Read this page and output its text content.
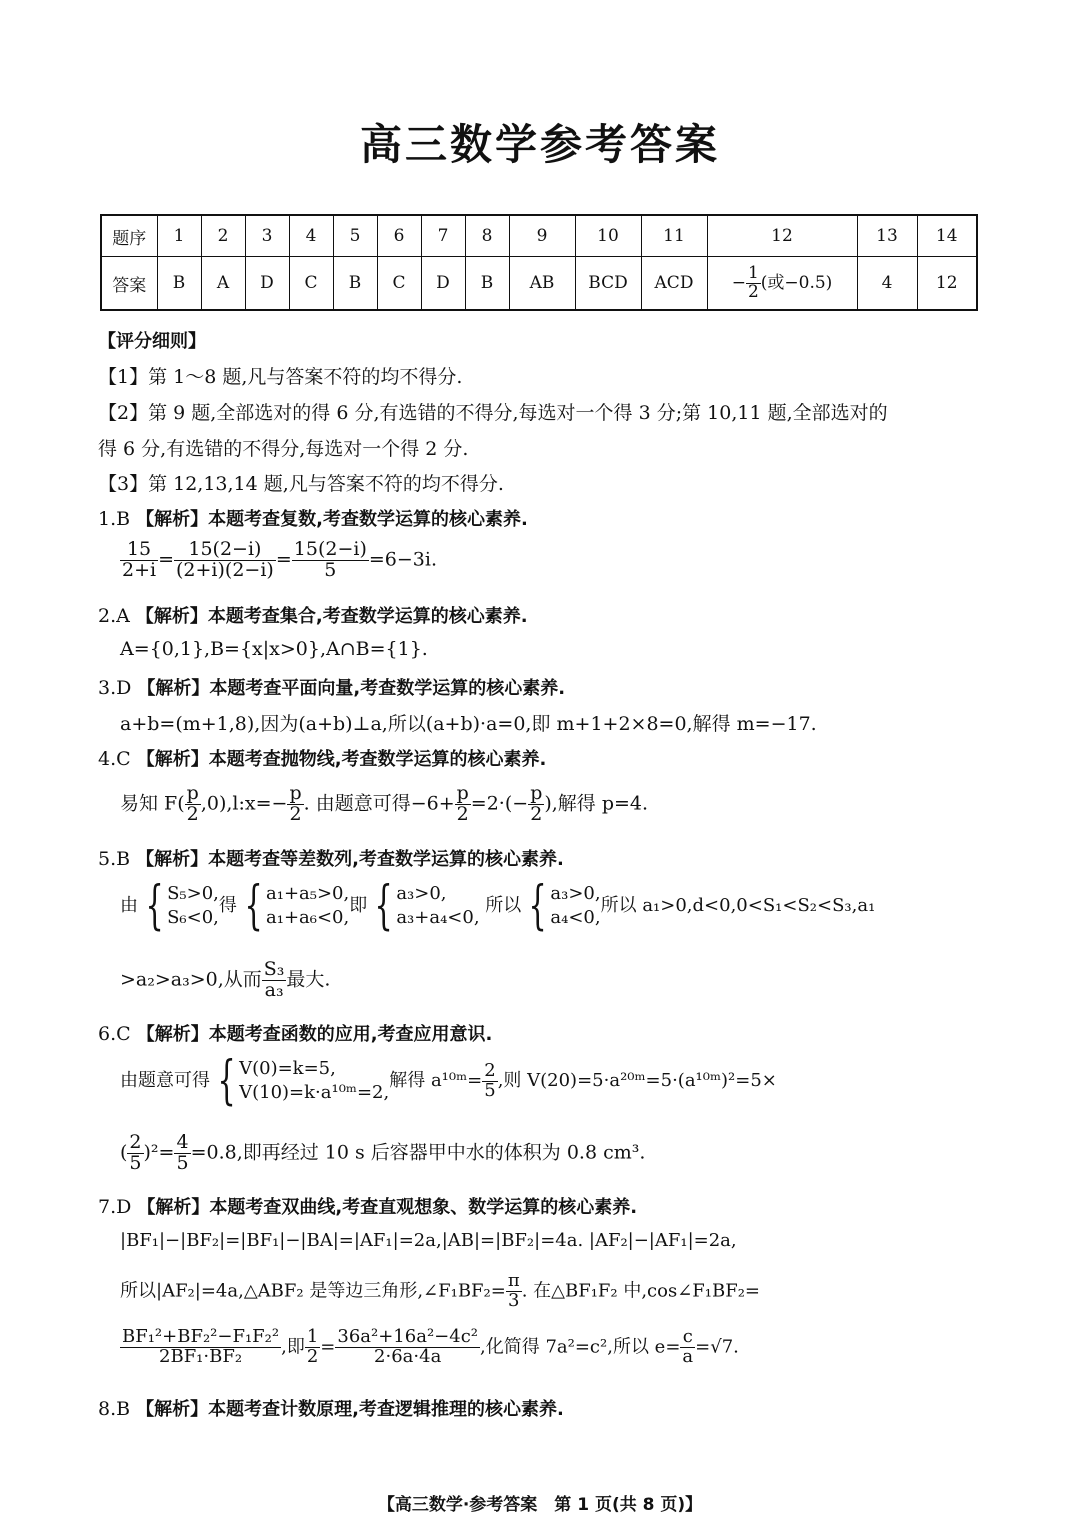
高三数学参考答案
题序	1	2	3	4	5	6	7	8	9	10	11	12	13	14
答案	B	A	D	C	B	C	D	B	AB	BCD	ACD	− $\frac{1}{2}$ (或−0.5)	4	12
【评分细则】
【1】第 1～8 题,凡与答案不符的均不得分.
【2】第 9 题,全部选对的得 6 分,有选错的不得分,每选对一个得 3 分;第 10,11 题,全部选对的
得 6 分,有选错的不得分,每选对一个得 2 分.
【3】第 12,13,14 题,凡与答案不符的均不得分.
1.B 【解析】本题考查复数,考查数学运算的核心素养.
$\frac{15}{2+i} = \frac{15(2-i)}{(2+i)(2-i)} = \frac{15(2-i)}{5} =6-3i$.
2.A 【解析】本题考查集合,考查数学运算的核心素养.
A={0,1},B={x|x>0},A∩B={1}.
3.D 【解析】本题考查平面向量,考查数学运算的核心素养.
a+b=(m+1,8),因为(a+b)⊥a,所以(a+b)·a=0,即 m+1+2×8=0,解得 m=−17.
4.C 【解析】本题考查抛物线,考查数学运算的核心素养.
易知 $F( \frac{p}{2}$ ,0),l:x=− $\frac{p}{2}$ . 由题意可得$-6+ \frac{p}{2} =2\cdot(- \frac{p}{2}$ ),解得 p=4.
5.B 【解析】本题考查等差数列,考查数学运算的核心素养.
由 { S₅>0,
S₆<0,
得 { a₁+a₅>0,
a₁+a₆<0,
即 { a₃>0,
a₃+a₄<0,
所以 { a₃>0,
a₄<0,
所以 a₁>0,d<0,0<S₁<S₂<S₃,a₁
>a₂>a₃>0,从而 $\frac{\text{S₃}}{\text{a₃}}$ 最大.
6.C 【解析】本题考查函数的应用,考查应用意识.
由题意可得 { V(0)=k=5,
V(10)=k·a¹⁰ᵐ=2,
解得 a¹⁰ᵐ= $\frac{2}{5}$ ,则 V(20)=5·a²⁰ᵐ=5·(a¹⁰ᵐ)²=5×
( $\frac{2}{5} )^2= \frac{4}{5} =0.8$,即再经过 10 s 后容器甲中水的体积为 0.8 cm³.
7.D 【解析】本题考查双曲线,考查直观想象、数学运算的核心素养.
|BF₁|−|BF₂|=|BF₁|−|BA|=|AF₁|=2a,|AB|=|BF₂|=4a. |AF₂|−|AF₁|=2a,
所以|AF₂|=4a,△ABF₂ 是等边三角形,∠F₁BF₂= $\frac{\pi}{3}$ . 在△BF₁F₂ 中,cos∠F₁BF₂=
$\frac{\text{BF₁²+BF₂²−F₁F₂²}}{\text{2BF₁·BF₂}}$ ,即 $\frac{1}{2} = \frac{\text{36a²+16a²−4c²}}{2\cdot 6a\cdot 4a}$ ,化简得 7a²=c²,所以 $e= \frac{c}{a} =√7$.
8.B 【解析】本题考查计数原理,考查逻辑推理的核心素养.
【高三数学·参考答案　第 1 页(共 8 页)】
